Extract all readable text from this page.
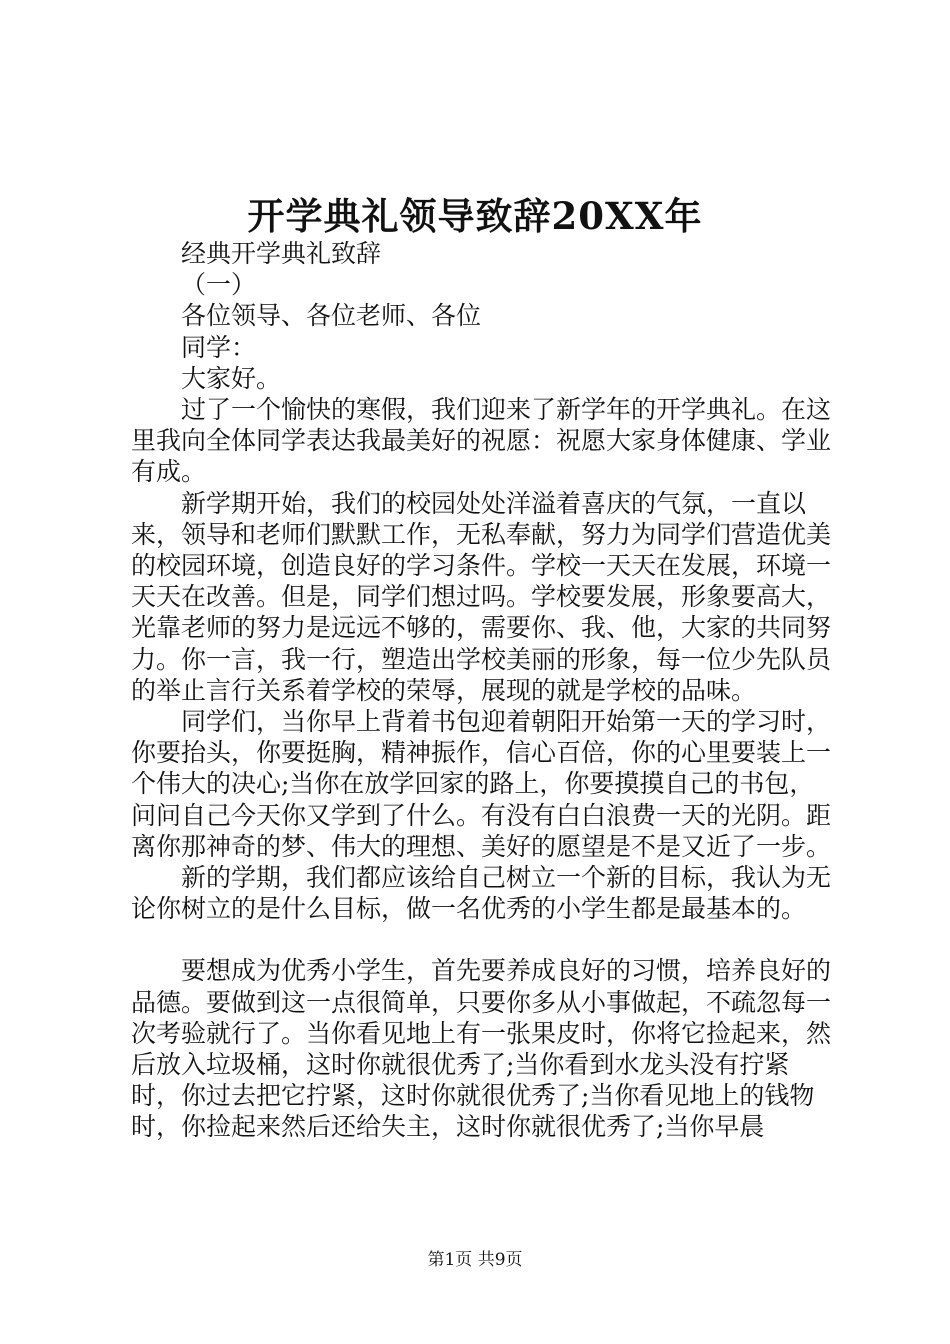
开学典礼领导致辞20XX年

经典开学典礼致辞

（一）

各位领导、各位老师、各位

同学：

大家好。

过了一个愉快的寒假，我们迎来了新学年的开学典礼。在这里我向全体同学表达我最美好的祝愿：祝愿大家身体健康、学业有成。

新学期开始，我们的校园处处洋溢着喜庆的气氛，一直以来，领导和老师们默默工作，无私奉献，努力为同学们营造优美的校园环境，创造良好的学习条件。学校一天天在发展，环境一天天在改善。但是，同学们想过吗。学校要发展，形象要高大，光靠老师的努力是远远不够的，需要你、我、他，大家的共同努力。你一言，我一行，塑造出学校美丽的形象，每一位少先队员的举止言行关系着学校的荣辱，展现的就是学校的品味。

同学们，当你早上背着书包迎着朝阳开始第一天的学习时，你要抬头，你要挺胸，精神振作，信心百倍，你的心里要装上一个伟大的决心;当你在放学回家的路上，你要摸摸自己的书包，问问自己今天你又学到了什么。有没有白白浪费一天的光阴。距离你那神奇的梦、伟大的理想、美好的愿望是不是又近了一步。

新的学期，我们都应该给自己树立一个新的目标，我认为无论你树立的是什么目标，做一名优秀的小学生都是最基本的。

要想成为优秀小学生，首先要养成良好的习惯，培养良好的品德。要做到这一点很简单，只要你多从小事做起，不疏忽每一次考验就行了。当你看见地上有一张果皮时，你将它捡起来，然后放入垃圾桶，这时你就很优秀了;当你看到水龙头没有拧紧时，你过去把它拧紧，这时你就很优秀了;当你看见地上的钱物时，你捡起来然后还给失主，这时你就很优秀了;当你早晨

第1页 共9页
